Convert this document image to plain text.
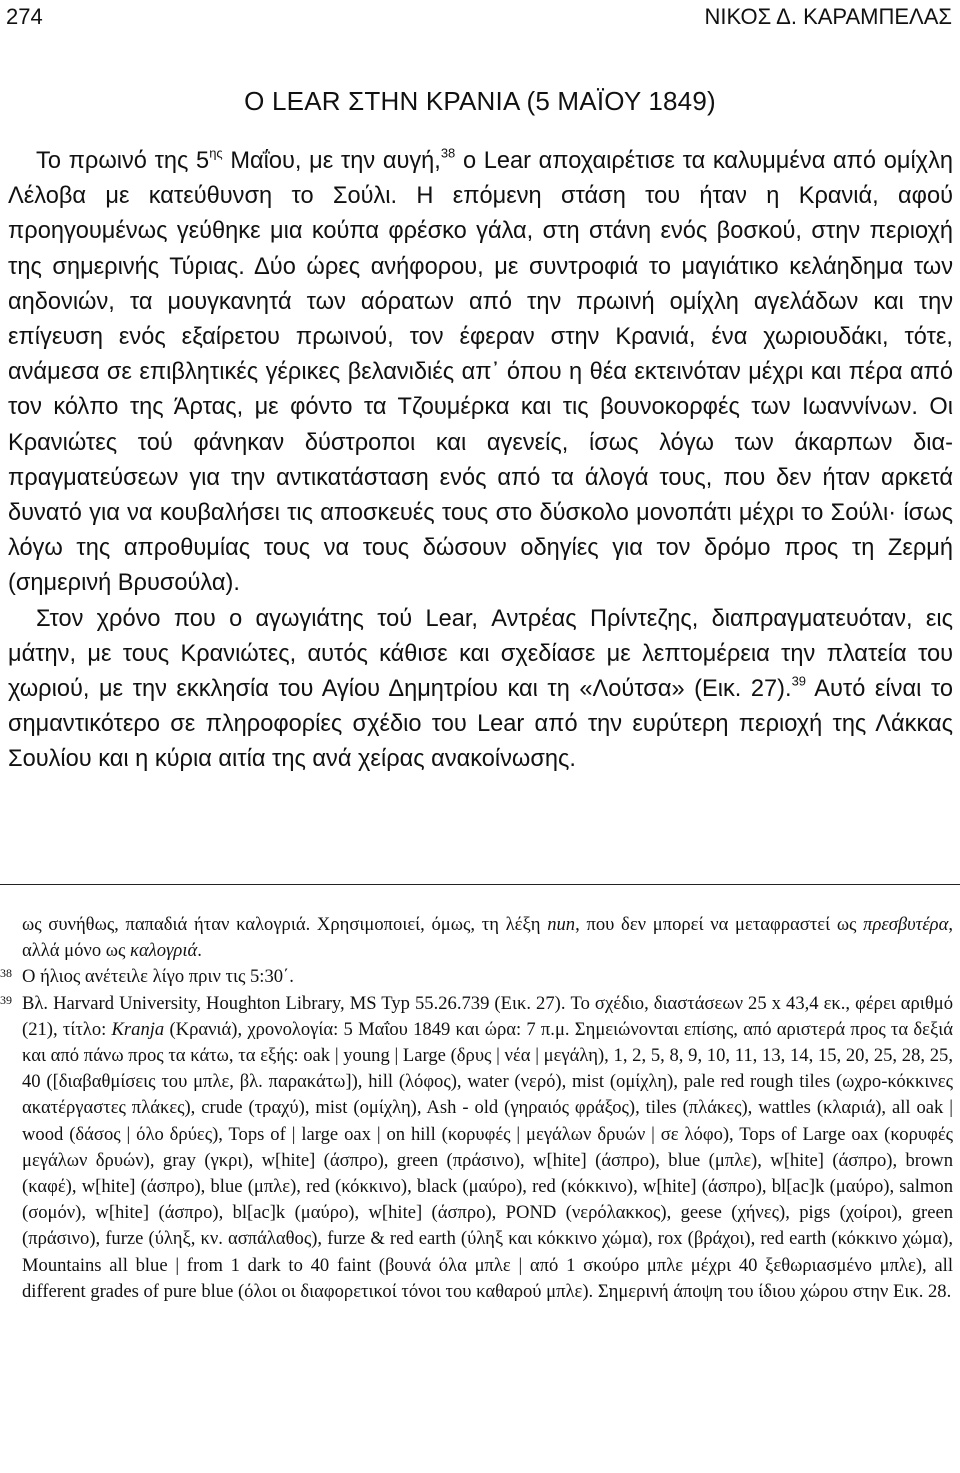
274	ΝΙΚΟΣ Δ. ΚΑΡΑΜΠΕΛΑΣ
Ο LEAR ΣΤΗΝ ΚΡΑΝΙΑ (5 ΜΑΪΟΥ 1849)

Το πρωινό της $5^{\eta\varsigma}$ Μαΐου, με την αυγή,$^{38}$ ο Lear αποχαιρέτισε τα καλυμμένα από ομίχλη Λέλοβα με κατεύθυνση το Σούλι. Η επόμενη στάση του ήταν η Κρανιά, αφού προηγουμένως γεύθηκε μια κούπα φρέσκο γάλα, στη στάνη ενός βοσκού, στην περιοχή της σημερινής Τύριας. Δύο ώρες ανήφορου, με συντροφιά το μαγιάτικο κελάηδημα των αηδονιών, τα μουγκανητά των αόρατων από την πρωινή ομίχλη αγελάδων και την επίγευση ενός εξαίρετου πρωινού, τον έφεραν στην Κρανιά, ένα χωριουδάκι, τότε, ανάμεσα σε επιβλητικές γέρικες βελανιδιές απ᾽ όπου η θέα εκτεινόταν μέχρι και πέρα από τον κόλπο της Άρτας, με φόντο τα Τζουμέρκα και τις βουνοκορφές των Ιωαννίνων. Οι Κρανιώτες τού φάνηκαν δύστροποι και αγενείς, ίσως λόγω των άκαρπων διαπραγματεύσεων για την αντικατάσταση ενός από τα άλογά τους, που δεν ήταν αρκετά δυνατό για να κουβαλήσει τις αποσκευές τους στο δύσκολο μονοπάτι μέχρι το Σούλι· ίσως λόγω της απροθυμίας τους να τους δώσουν οδηγίες για τον δρόμο προς τη Ζερμή (σημερινή Βρυσούλα).

Στον χρόνο που ο αγωγιάτης τού Lear, Αντρέας Πρίντεζης, διαπραγματευόταν, εις μάτην, με τους Κρανιώτες, αυτός κάθισε και σχεδίασε με λεπτομέρεια την πλατεία του χωριού, με την εκκλησία του Αγίου Δημητρίου και τη «Λούτσα» (Εικ. 27).$^{39}$ Αυτό είναι το σημαντικότερο σε πληροφορίες σχέδιο του Lear από την ευρύτερη περιοχή της Λάκκας Σουλίου και η κύρια αιτία της ανά χείρας ανακοίνωσης.

ως συνήθως, παπαδιά ήταν καλογριά. Χρησιμοποιεί, όμως, τη λέξη nun, που δεν μπορεί να μεταφραστεί ως πρεσβυτέρα, αλλά μόνο ως καλογριά.

38 Ο ήλιος ανέτειλε λίγο πριν τις 5:30΄.

39 Βλ. Harvard University, Houghton Library, MS Typ 55.26.739 (Εικ. 27). Το σχέδιο, διαστάσεων 25 x 43,4 εκ., φέρει αριθμό (21), τίτλο: Kranja (Κρανιά), χρονολογία: 5 Μαΐου 1849 και ώρα: 7 π.μ. Σημειώνονται επίσης, από αριστερά προς τα δεξιά και από πάνω προς τα κάτω, τα εξής: oak | young | Large (δρυς | νέα | μεγάλη), 1, 2, 5, 8, 9, 10, 11, 13, 14, 15, 20, 25, 28, 25, 40 ([διαβαθμίσεις του μπλε, βλ. παρακάτω]), hill (λόφος), water (νερό), mist (ομίχλη), pale red rough tiles (ωχρο-κόκκινες ακατέργαστες πλάκες), crude (τραχύ), mist (ομίχλη), Ash - old (γηραιός φράξος), tiles (πλάκες), wattles (κλαριά), all oak | wood (δάσος | όλο δρύες), Tops of | large oax | on hill (κορυφές | μεγάλων δρυών | σε λόφο), Tops of Large oax (κορυφές μεγάλων δρυών), gray (γκρι), w[hite] (άσπρο), green (πράσινο), w[hite] (άσπρο), blue (μπλε), w[hite] (άσπρο), brown (καφέ), w[hite] (άσπρο), blue (μπλε), red (κόκκινο), black (μαύρο), red (κόκκινο), w[hite] (άσπρο), bl[ac]k (μαύρο), salmon (σομόν), w[hite] (άσπρο), bl[ac]k (μαύρο), w[hite] (άσπρο), POND (νερόλακκος), geese (χήνες), pigs (χοίροι), green (πράσινο), furze (ύληξ, κν. ασπάλαθος), furze & red earth (ύληξ και κόκκινο χώμα), rox (βράχοι), red earth (κόκκινο χώμα), Mountains all blue | from 1 dark to 40 faint (βουνά όλα μπλε | από 1 σκούρο μπλε μέχρι 40 ξεθωριασμένο μπλε), all different grades of pure blue (όλοι οι διαφορετικοί τόνοι του καθαρού μπλε). Σημερινή άποψη του ίδιου χώρου στην Εικ. 28.
